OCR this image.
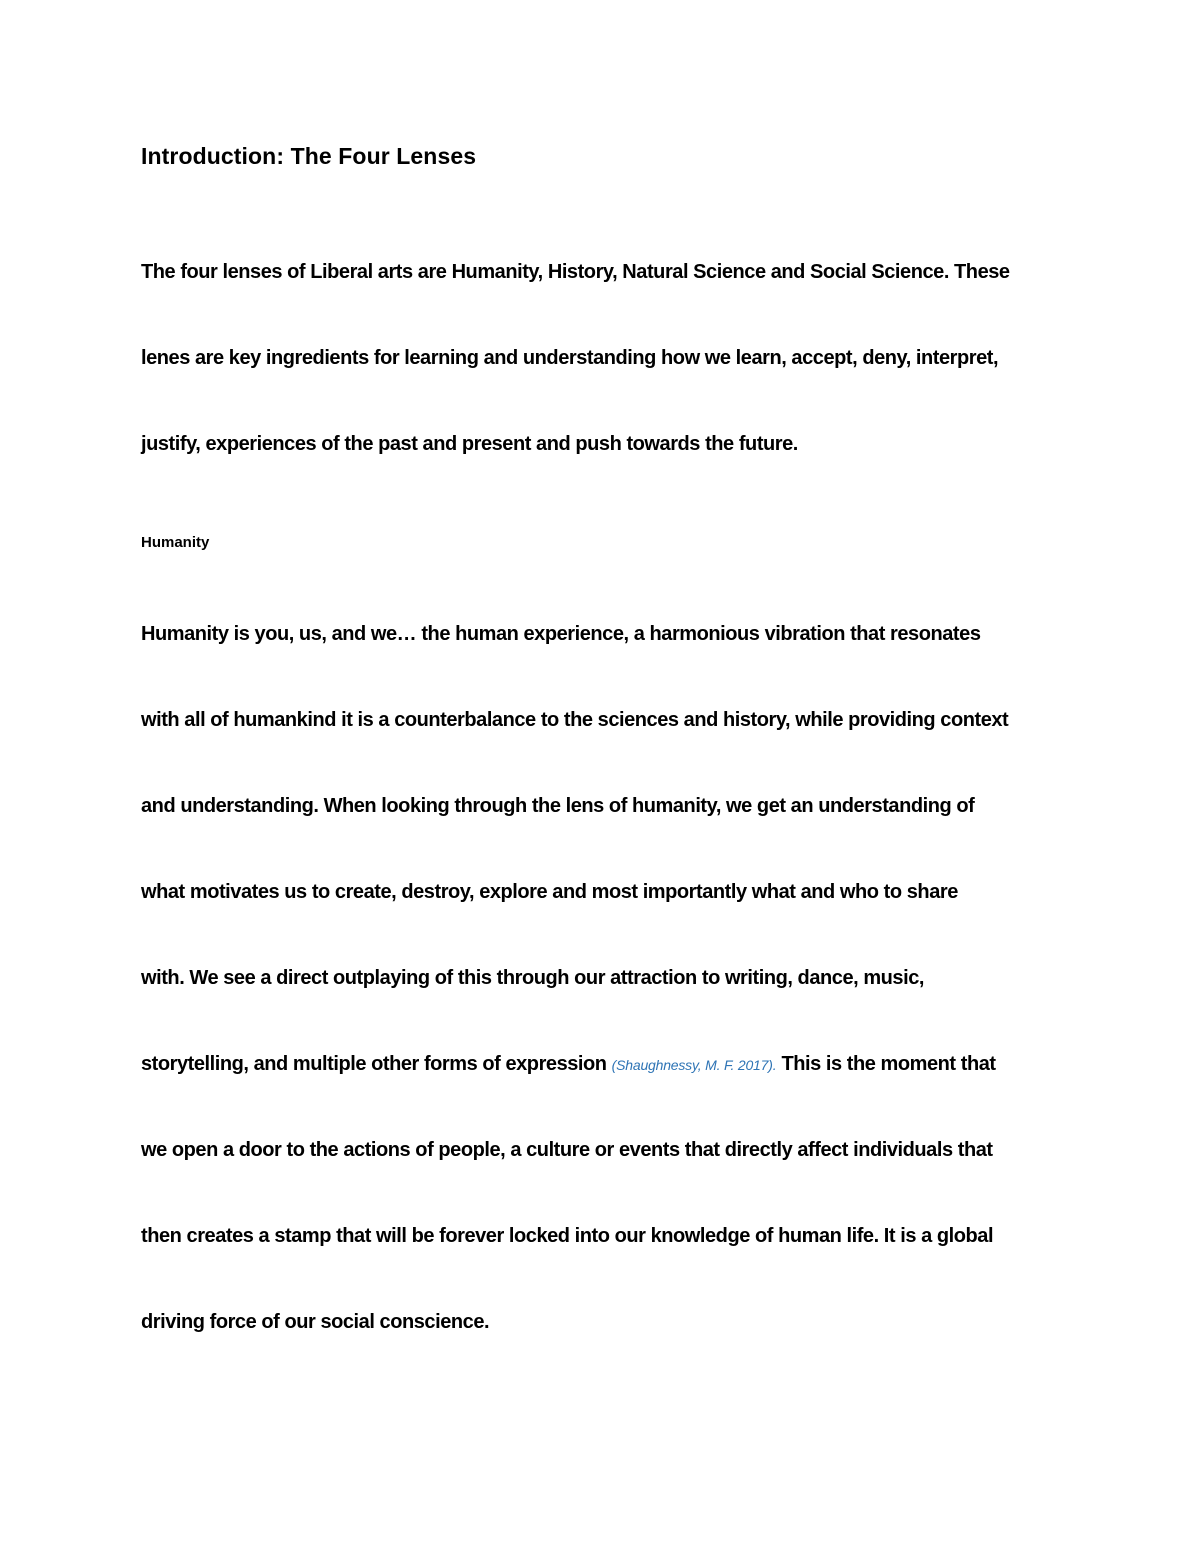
Introduction: The Four Lenses
The four lenses of Liberal arts are Humanity, History, Natural Science and Social Science. These
lenes are key ingredients for learning and understanding how we learn, accept, deny, interpret,
justify, experiences of the past and present and push towards the future.
Humanity
Humanity is you, us, and we… the human experience, a harmonious vibration that resonates
with all of humankind it is a counterbalance to the sciences and history, while providing context
and understanding. When looking through the lens of humanity, we get an understanding of
what motivates us to create, destroy, explore and most importantly what and who to share
with. We see a direct outplaying of this through our attraction to writing, dance, music,
storytelling, and multiple other forms of expression (Shaughnessy, M. F. 2017). This is the moment that
we open a door to the actions of people, a culture or events that directly affect individuals that
then creates a stamp that will be forever locked into our knowledge of human life. It is a global
driving force of our social conscience.
